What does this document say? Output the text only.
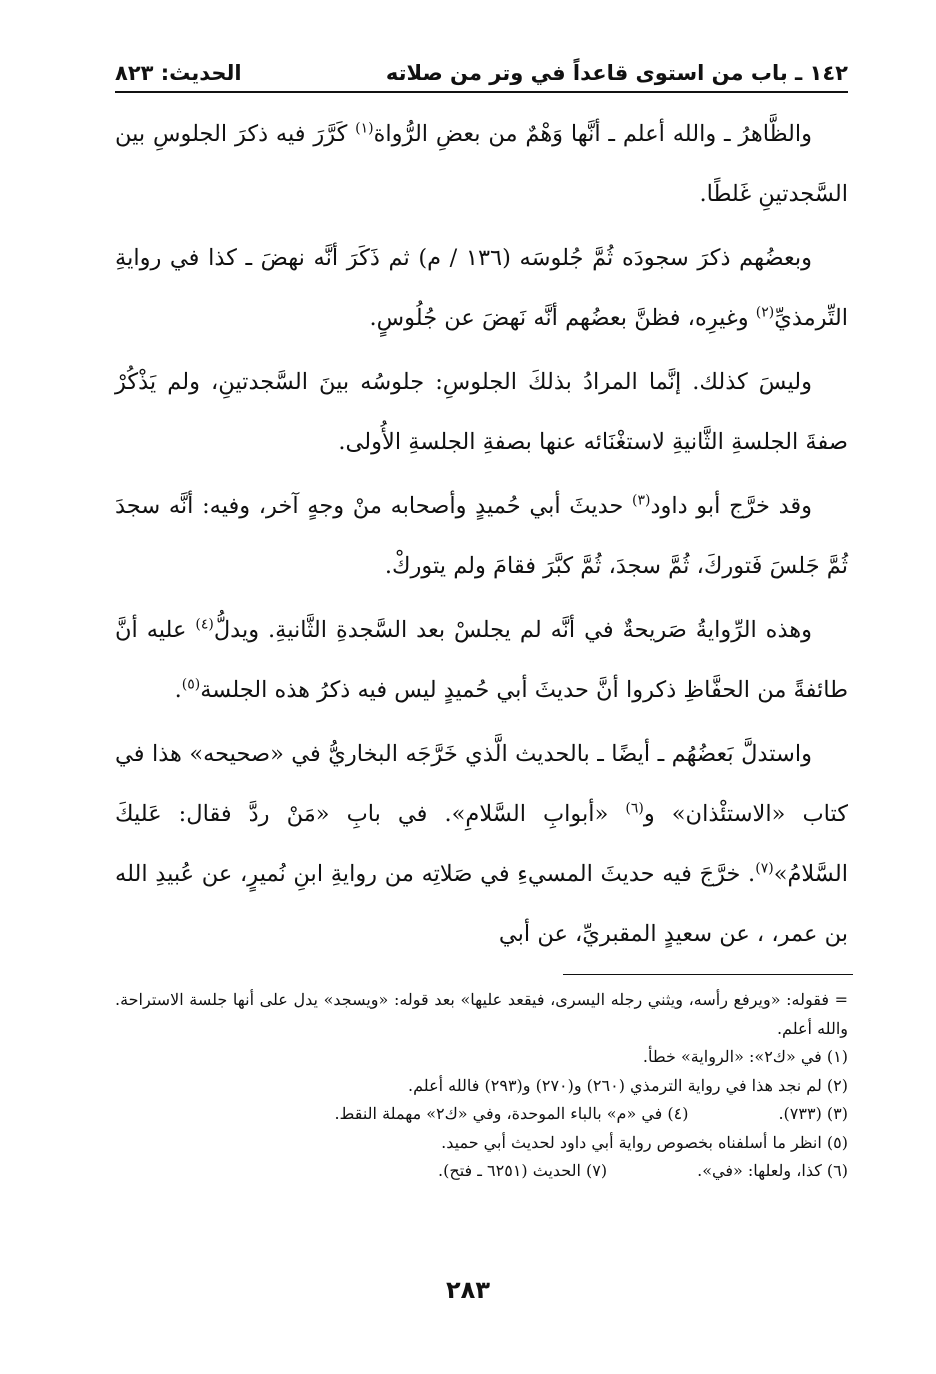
١٤٢ ـ باب من استوى قاعداً في وتر من صلاته
الحديث: ٨٢٣

والظَّاهرُ ـ والله أعلم ـ أنَّها وَهْمٌ من بعضِ الرُّواة$^{(١)}$ كَرَّرَ فيه ذكرَ الجلوسِ بين السَّجدتينِ غَلطًا.

وبعضُهم ذكرَ سجودَه ثُمَّ جُلوسَه (١٣٦ / م) ثم ذَكَرَ أنَّه نهضَ ـ كذا في روايةِ التِّرمذيِّ$^{(٢)}$ وغيرِه، فظنَّ بعضُهم أنَّه نَهضَ عن جُلُوسٍ.

وليسَ كذلك. إنَّما المرادُ بذلكَ الجلوسِ: جلوسُه بينَ السَّجدتينِ، ولم يَذْكُرْ صفةَ الجلسةِ الثَّانيةِ لاستغْنَائه عنها بصفةِ الجلسةِ الأُولى.

وقد خرَّج أبو داود$^{(٣)}$ حديثَ أبي حُميدٍ وأصحابه منْ وجهٍ آخر، وفيه: أنَّه سجدَ ثُمَّ جَلسَ فَتوركَ، ثُمَّ سجدَ، ثُمَّ كبَّرَ فقامَ ولم يتوركْ.

وهذه الرِّوايةُ صَريحةٌ في أنَّه لم يجلسْ بعد السَّجدةِ الثَّانيةِ. ويدلُّ$^{(٤)}$ عليه أنَّ طائفةً من الحفَّاظِ ذكروا أنَّ حديثَ أبي حُميدٍ ليس فيه ذكرُ هذه الجلسة$^{(٥)}$.

واستدلَّ بَعضُهُم ـ أيضًا ـ بالحديث الَّذي خَرَّجَه البخاريُّ في «صحيحه» هذا في كتاب «الاستئْذان» و$^{(٦)}$ «أبوابِ السَّلامِ». في بابِ «مَنْ ردَّ فقال: عَليكَ السَّلامُ»$^{(٧)}$. خرَّجَ فيه حديثَ المسيءِ في صَلاتِه من روايةِ ابنِ نُميرٍ، عن عُبيدِ الله بن عمر، ، عن سعيدٍ المقبريِّ، عن أبي

= فقوله: «ويرفع رأسه، ويثني رجله اليسرى، فيقعد عليها» بعد قوله: «ويسجد» يدل على أنها جلسة الاستراحة. والله أعلم.

(١) في «ك٢»: «الرواية» خطأ.

(٢) لم نجد هذا في رواية الترمذي (٢٦٠) و(٢٧٠) و(٢٩٣) فالله أعلم.

(٣) (٧٣٣).(٤) في «م» بالباء الموحدة، وفي «ك٢» مهملة النقط.

(٥) انظر ما أسلفناه بخصوص رواية أبي داود لحديث أبي حميد.

(٦) كذا، ولعلها: «في».(٧) الحديث (٦٢٥١ ـ فتح).

٢٨٣
